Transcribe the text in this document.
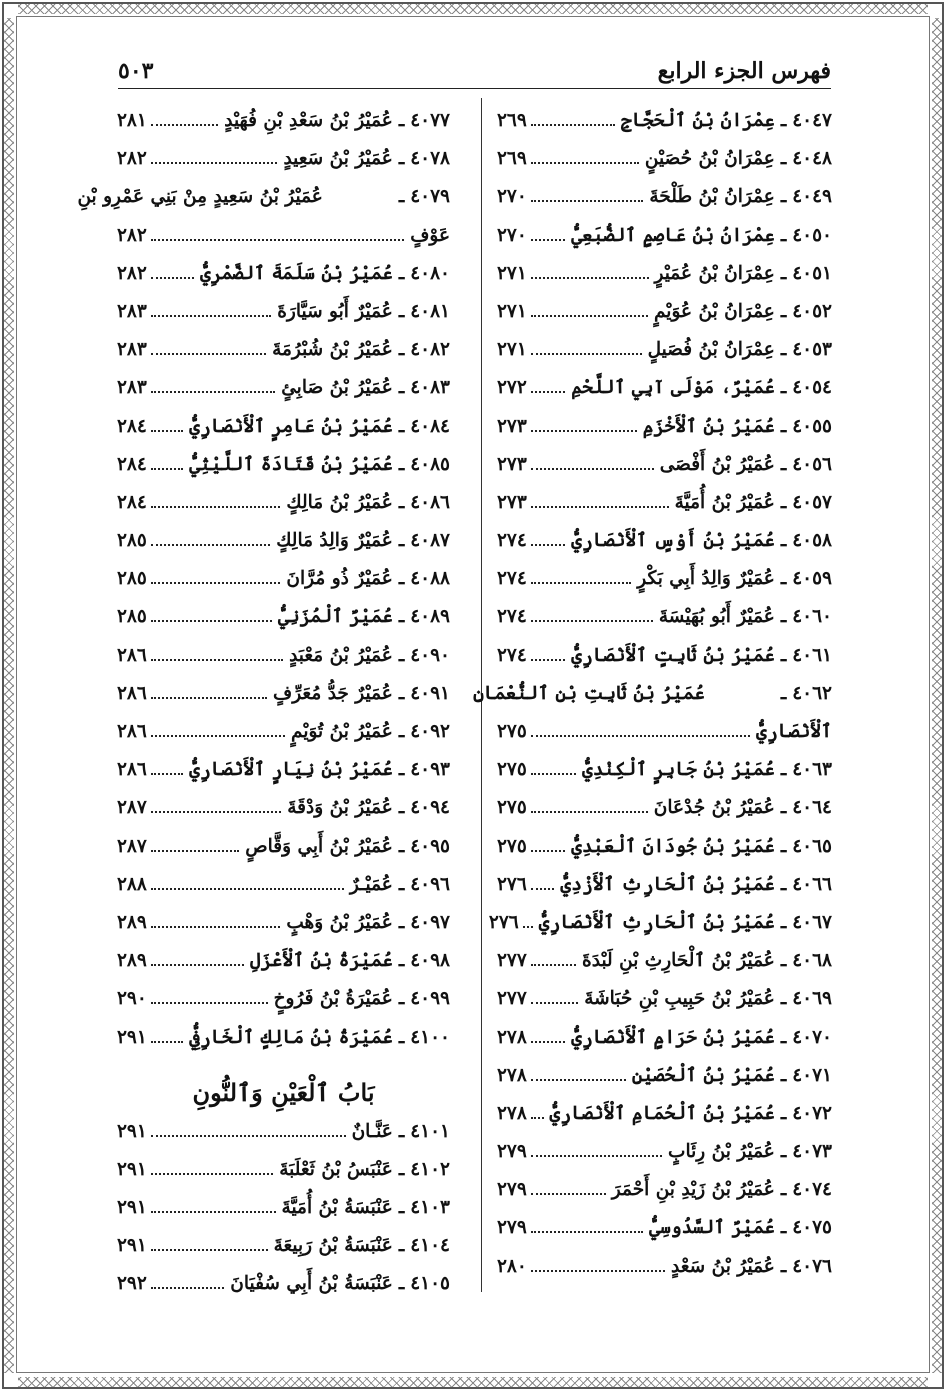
فهرس الجزء الرابع
٥٠٣
٤٠٤٧
ـ
عِمْرَانُ بْنُ ٱلْحَجَّاجِ
٢٦٩
٤٠٤٨
ـ
عِمْرَانُ بْنُ حُصَيْنٍ
٢٦٩
٤٠٤٩
ـ
عِمْرَانُ بْنُ طَلْحَةَ
٢٧٠
٤٠٥٠
ـ
عِمْرَانُ بْنُ عَاصِمٍ ٱلضُّبَعِيُّ
٢٧٠
٤٠٥١
ـ
عِمْرَانُ بْنُ عُمَيْرٍ
٢٧١
٤٠٥٢
ـ
عِمْرَانُ بْنُ عُوَيْمٍ
٢٧١
٤٠٥٣
ـ
عِمْرَانُ بْنُ فُصَيلٍ
٢٧١
٤٠٥٤
ـ
عُمَيْرٌ، مَوْلَى آبِي ٱللَّحْمِ
٢٧٢
٤٠٥٥
ـ
عُمَيْرُ بْنُ ٱلْأَخْزَمِ
٢٧٣
٤٠٥٦
ـ
عُمَيْرُ بْنُ أَفْصَى
٢٧٣
٤٠٥٧
ـ
عُمَيْرُ بْنُ أُمَيَّةَ
٢٧٣
٤٠٥٨
ـ
عُمَيْرُ بْنُ أَوْسٍ ٱلْأَنْصَارِيُّ
٢٧٤
٤٠٥٩
ـ
عُمَيْرٌ وَالِدُ أَبِي بَكْرٍ
٢٧٤
٤٠٦٠
ـ
عُمَيْرٌ أَبُو بُهَيْسَةَ
٢٧٤
٤٠٦١
ـ
عُمَيْرُ بْنُ ثَابِتٍ ٱلْأَنْصَارِيُّ
٢٧٤
٤٠٦٢
ـ
عُمَيْرُ بْنُ ثَابِتِ بْنِ ٱلنُّعْمَانِ
ٱلْأَنْصَارِيُّ
٢٧٥
٤٠٦٣
ـ
عُمَيْرُ بْنُ جَابِرٍ ٱلْكِنْدِيُّ
٢٧٥
٤٠٦٤
ـ
عُمَيْرُ بْنُ جُدْعَانَ
٢٧٥
٤٠٦٥
ـ
عُمَيْرُ بْنُ جُودَانَ ٱلْعَبْدِيُّ
٢٧٥
٤٠٦٦
ـ
عُمَيْرُ بْنُ ٱلْحَارِثِ ٱلْأَزْدِيُّ
٢٧٦
٤٠٦٧
ـ
عُمَيْرُ بْنُ ٱلْحَارِثِ ٱلْأَنْصَارِيُّ
٢٧٦
٤٠٦٨
ـ
عُمَيْرُ بْنُ ٱلْحَارِثِ بْنِ لَبْدَةَ
٢٧٧
٤٠٦٩
ـ
عُمَيْرُ بْنُ حَبِيبِ بْنِ حُبَاشَةَ
٢٧٧
٤٠٧٠
ـ
عُمَيْرُ بْنُ حَرَامٍ ٱلْأَنْصَارِيُّ
٢٧٨
٤٠٧١
ـ
عُمَيْرُ بْنُ ٱلْحُصَيْنِ
٢٧٨
٤٠٧٢
ـ
عُمَيْرُ بْنُ ٱلْحُمَامِ ٱلْأَنْصَارِيُّ
٢٧٨
٤٠٧٣
ـ
عُمَيْرُ بْنُ رِئَابٍ
٢٧٩
٤٠٧٤
ـ
عُمَيْرُ بْنُ زَيْدِ بْنِ أَحْمَرَ
٢٧٩
٤٠٧٥
ـ
عُمَيْرٌ ٱلسَّدُوسِيُّ
٢٧٩
٤٠٧٦
ـ
عُمَيْرُ بْنُ سَعْدٍ
٢٨٠
٤٠٧٧
ـ
عُمَيْرُ بْنُ سَعْدِ بْنِ فُهَيْدٍ
٢٨١
٤٠٧٨
ـ
عُمَيْرُ بْنُ سَعِيدٍ
٢٨٢
٤٠٧٩
ـ
عُمَيْرُ بْنُ سَعِيدٍ مِنْ بَنِي عَمْرِو بْنِ
عَوْفٍ
٢٨٢
٤٠٨٠
ـ
عُمَيْرُ بْنُ سَلَمَةَ ٱلضَّمْرِيُّ
٢٨٢
٤٠٨١
ـ
عُمَيْرٌ أَبُو سَيَّارَةَ
٢٨٣
٤٠٨٢
ـ
عُمَيْرُ بْنُ شُبْرُمَةَ
٢٨٣
٤٠٨٣
ـ
عُمَيْرُ بْنُ صَابِئٍ
٢٨٣
٤٠٨٤
ـ
عُمَيْرُ بْنُ عَامِرٍ ٱلْأَنْصَارِيُّ
٢٨٤
٤٠٨٥
ـ
عُمَيْرُ بْنُ قَتَادَةَ ٱللَّيْثِيُّ
٢٨٤
٤٠٨٦
ـ
عُمَيْرُ بْنُ مَالِكٍ
٢٨٤
٤٠٨٧
ـ
عُمَيْرٌ وَالِدُ مَالِكٍ
٢٨٥
٤٠٨٨
ـ
عُمَيْرٌ ذُو مُرَّانَ
٢٨٥
٤٠٨٩
ـ
عُمَيْرٌ ٱلْمُزَنِيُّ
٢٨٥
٤٠٩٠
ـ
عُمَيْرُ بْنُ مَعْبَدٍ
٢٨٦
٤٠٩١
ـ
عُمَيْرٌ جَدُّ مُعَرِّفٍ
٢٨٦
٤٠٩٢
ـ
عُمَيْرُ بْنُ تُوَيْمٍ
٢٨٦
٤٠٩٣
ـ
عُمَيْرُ بْنُ نِيَارٍ ٱلْأَنْصَارِيُّ
٢٨٦
٤٠٩٤
ـ
عُمَيْرُ بْنُ وَدْقَةَ
٢٨٧
٤٠٩٥
ـ
عُمَيْرُ بْنُ أَبِي وَقَّاصٍ
٢٨٧
٤٠٩٦
ـ
عُمَيْـرٌ
٢٨٨
٤٠٩٧
ـ
عُمَيْرُ بْنُ وَهْبٍ
٢٨٩
٤٠٩٨
ـ
عُمَيْرَةُ بْنُ ٱلْأَعْزَلِ
٢٨٩
٤٠٩٩
ـ
عُمَيْرَةُ بْنُ فَرُوخٍ
٢٩٠
٤١٠٠
ـ
عُمَيْرَةُ بْنُ مَالِكٍ ٱلْخَارِفِيُّ
٢٩١
بَابُ ٱلْعَيْنِ وَٱلنُّونِ
٤١٠١
ـ
عَنَّـانٌ
٢٩١
٤١٠٢
ـ
عَنْبَسُ بْنُ ثَعْلَبَةَ
٢٩١
٤١٠٣
ـ
عَنْبَسَةُ بْنُ أُمَيَّةَ
٢٩١
٤١٠٤
ـ
عَنْبَسَةُ بْنُ رَبِيعَةَ
٢٩١
٤١٠٥
ـ
عَنْبَسَةُ بْنُ أَبِي سُفْيَانَ
٢٩٢
